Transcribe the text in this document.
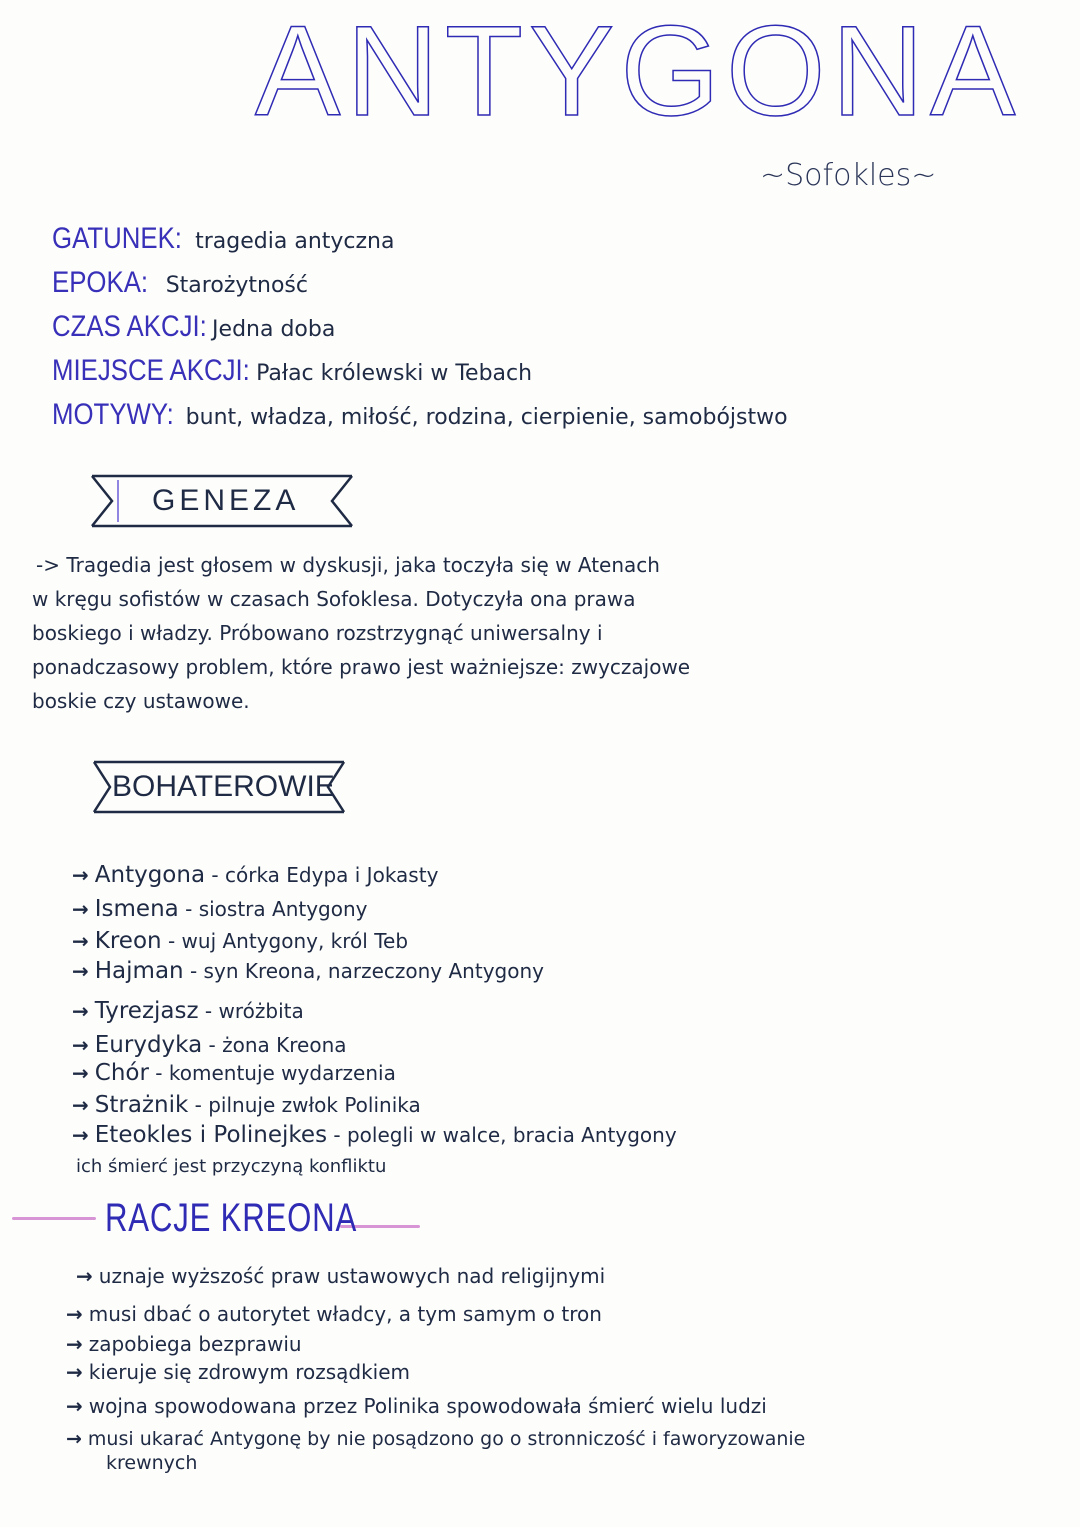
ANTYGONA
~Sofokles~
GATUNEK: tragedia antyczna
EPOKA: Starożytność
CZAS AKCJI: Jedna doba
MIEJSCE AKCJI: Pałac królewski w Tebach
MOTYWY: bunt, władza, miłość, rodzina, cierpienie, samobójstwo
GENEZA
-> Tragedia jest głosem w dyskusji, jaka toczyła się w Atenach
w kręgu sofistów w czasach Sofoklesa. Dotyczyła ona prawa
boskiego i władzy. Próbowano rozstrzygnąć uniwersalny i
ponadczasowy problem, które prawo jest ważniejsze: zwyczajowe
boskie czy ustawowe.
BOHATEROWIE
→ Antygona - córka Edypa i Jokasty
→ Ismena - siostra Antygony
→ Kreon - wuj Antygony, król Teb
→ Hajman - syn Kreona, narzeczony Antygony
→ Tyrezjasz - wróżbita
→ Eurydyka - żona Kreona
→ Chór - komentuje wydarzenia
→ Strażnik - pilnuje zwłok Polinika
→ Eteokles i Polinejkes - polegli w walce, bracia Antygony
ich śmierć jest przyczyną konfliktu
RACJE KREONA
→ uznaje wyższość praw ustawowych nad religijnymi
→ musi dbać o autorytet władcy, a tym samym o tron
→ zapobiega bezprawiu
→ kieruje się zdrowym rozsądkiem
→ wojna spowodowana przez Polinika spowodowała śmierć wielu ludzi
→ musi ukarać Antygonę by nie posądzono go o stronniczość i faworyzowanie
krewnych
